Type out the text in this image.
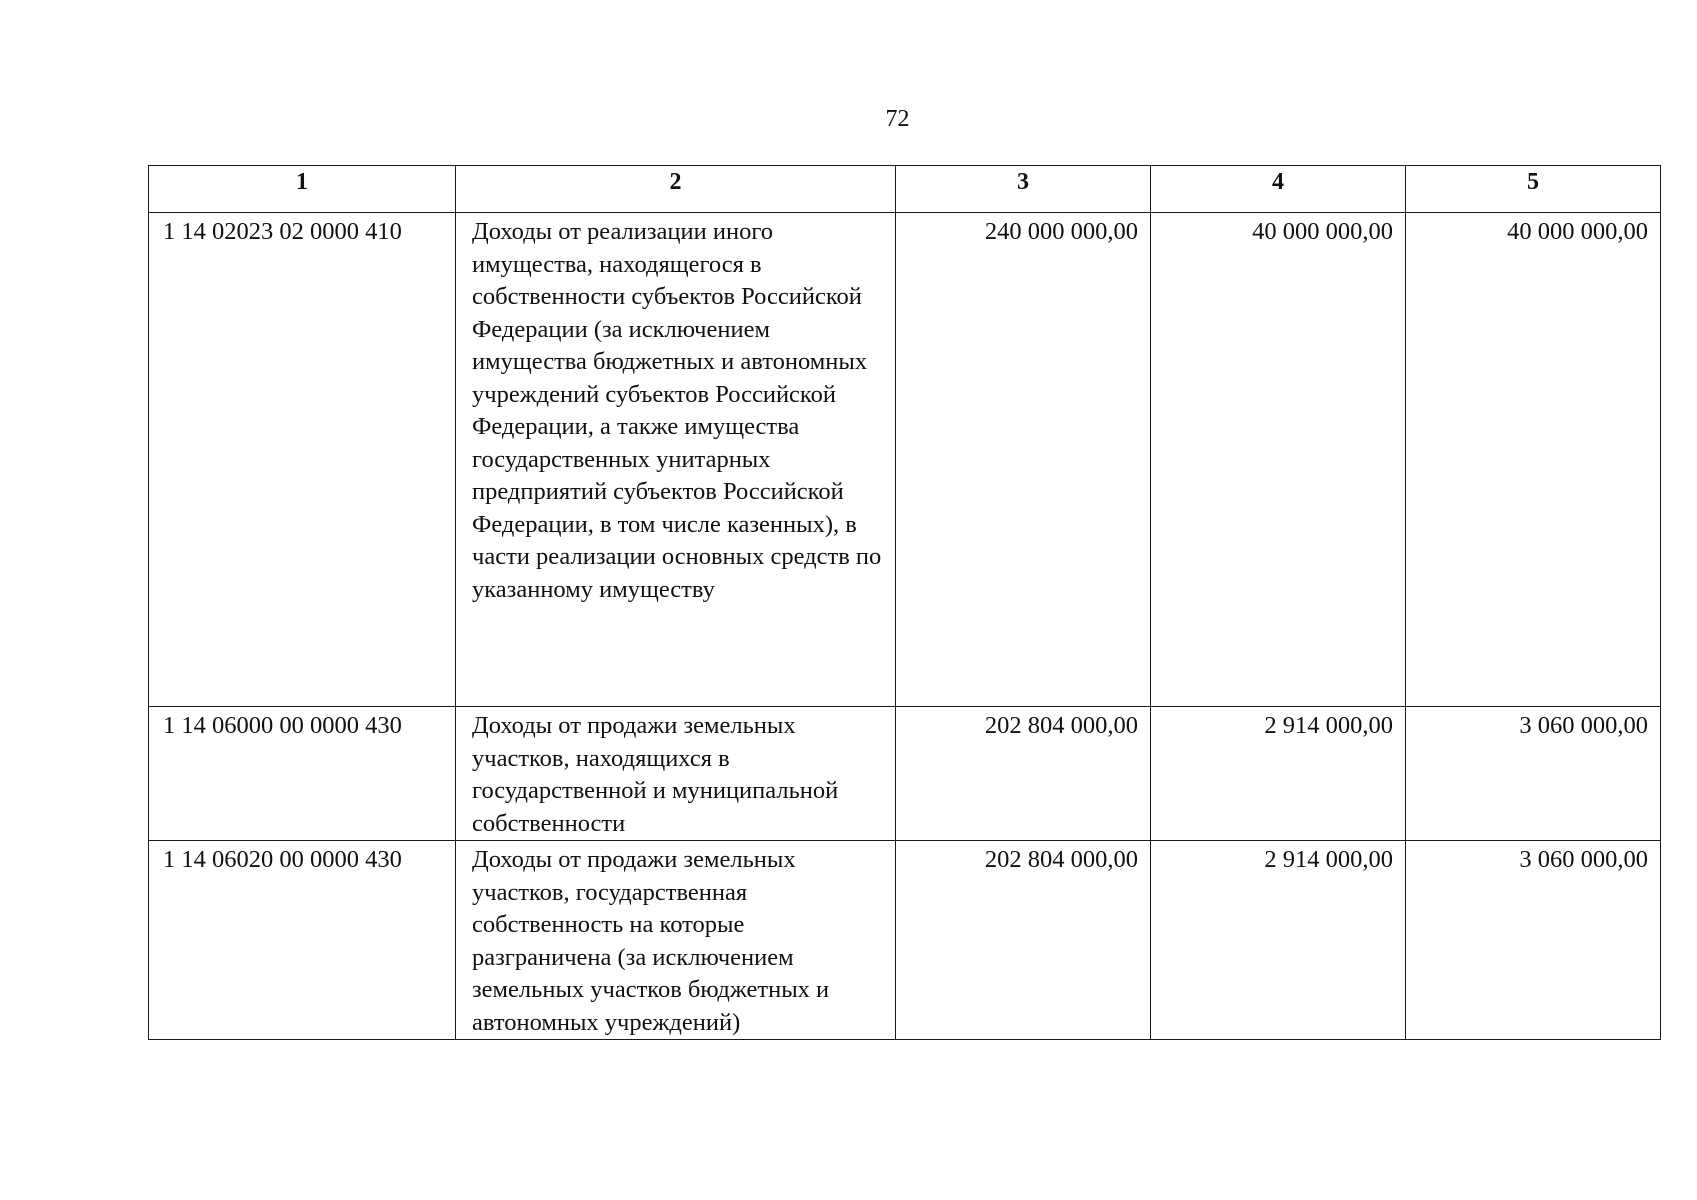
72
1	2	3	4	5
1 14 02023 02 0000 410	Доходы от реализации иного имущества, находящегося в собственности субъектов Российской Федерации (за исключением имущества бюджетных и автономных учреждений субъектов Российской Федерации, а также имущества государственных унитарных предприятий субъектов Российской Федерации, в том числе казенных), в части реализации основных средств по указанному имуществу	240 000 000,00	40 000 000,00	40 000 000,00
1 14 06000 00 0000 430	Доходы от продажи земельных участков, находящихся в государственной и муниципальной собственности	202 804 000,00	2 914 000,00	3 060 000,00
1 14 06020 00 0000 430	Доходы от продажи земельных участков, государственная собственность на которые разграничена (за исключением земельных участков бюджетных и автономных учреждений)	202 804 000,00	2 914 000,00	3 060 000,00
